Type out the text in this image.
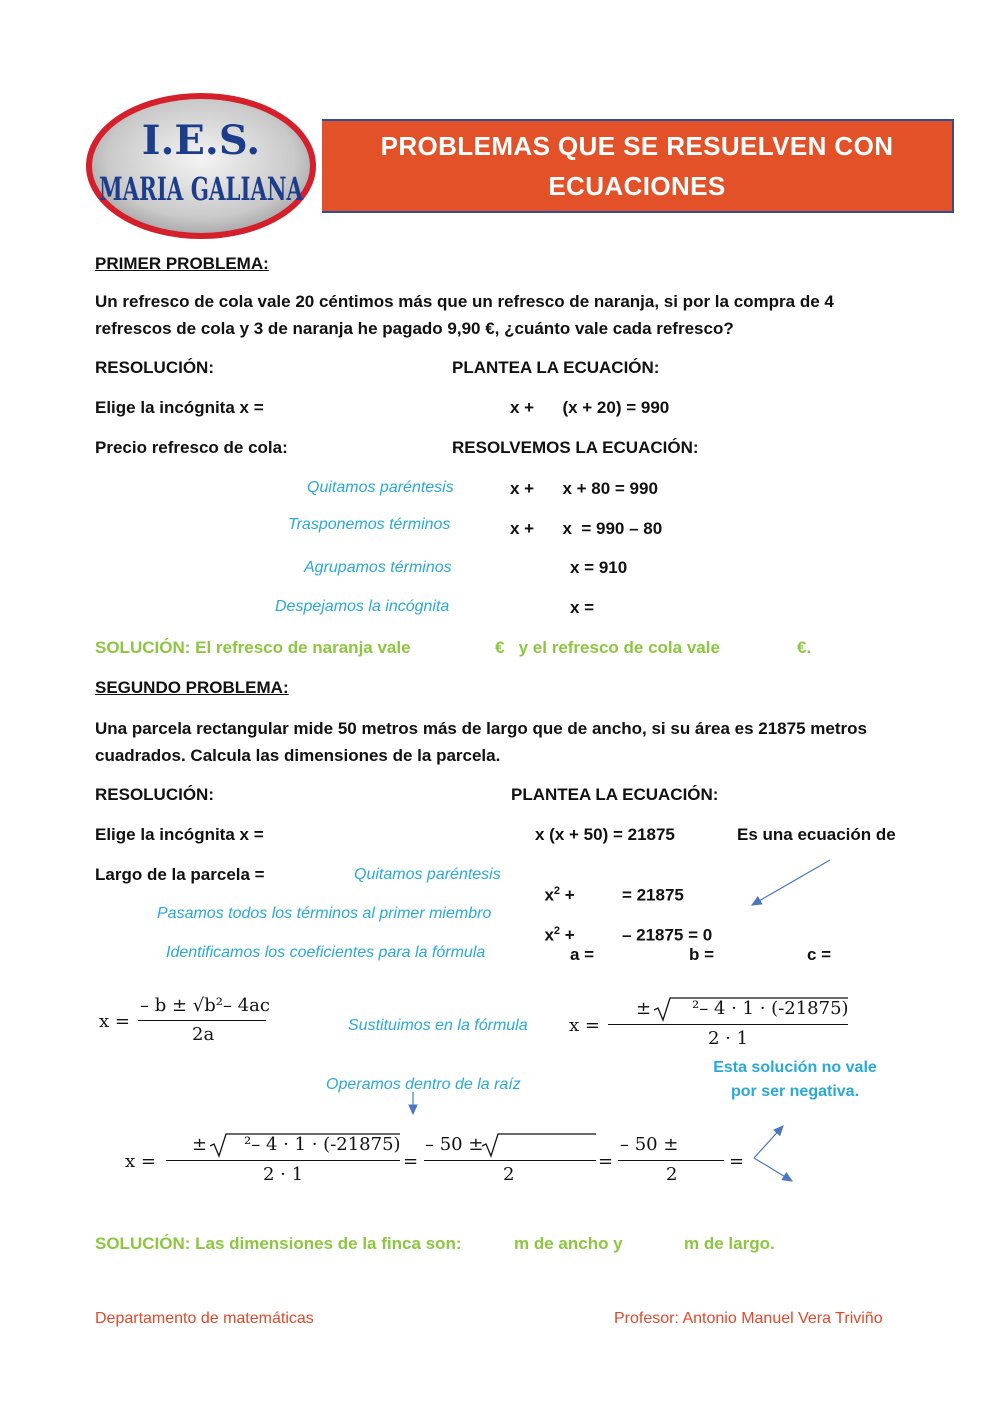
I.E.S.
MARIA GALIANA
PROBLEMAS QUE SE RESUELVEN CON ECUACIONES
PRIMER PROBLEMA:
Un refresco de cola vale 20 céntimos más que un refresco de naranja, si por la compra de 4 refrescos de cola y 3 de naranja he pagado 9,90 €, ¿cuánto vale cada refresco?
RESOLUCIÓN:	PLANTEA LA ECUACIÓN:
Elige la incógnita x =	x +      (x + 20) = 990
Precio refresco de cola:	RESOLVEMOS LA ECUACIÓN:
Quitamos paréntesis	x +      x + 80 = 990
Trasponemos términos	x +      x  = 990 – 80
Agrupamos términos	x = 910
Despejamos la incógnita	x =
SOLUCIÓN: El refresco de naranja vale	€   y el refresco de cola vale	€.
SEGUNDO PROBLEMA:
Una parcela rectangular mide 50 metros más de largo que de ancho, si su área es 21875 metros cuadrados. Calcula las dimensiones de la parcela.
RESOLUCIÓN:	PLANTEA LA ECUACIÓN:
Elige la incógnita x =	x (x + 50) = 21875	Es una ecuación de
Largo de la parcela =	Quitamos paréntesis

$x^2$ +          = 21875

Pasamos todos los términos al primer miembro

$x^2$ +          – 21875 = 0

Identificamos los coeficientes para la fórmula	a =	b =	c =
x =
– b ± √b²– 4ac
2a	Sustituimos en la fórmula x =
± ²– 4 · 1 · (-21875)
2 · 1
Esta solución no vale por ser negativa.
Operamos dentro de la raíz
x =
± ²– 4 · 1 · (-21875)
2 · 1
=
– 50 ±
2
=
– 50 ±
2
=
SOLUCIÓN: Las dimensiones de la finca son:	m de ancho y	m de largo.
Departamento de matemáticas	Profesor: Antonio Manuel Vera Triviño
